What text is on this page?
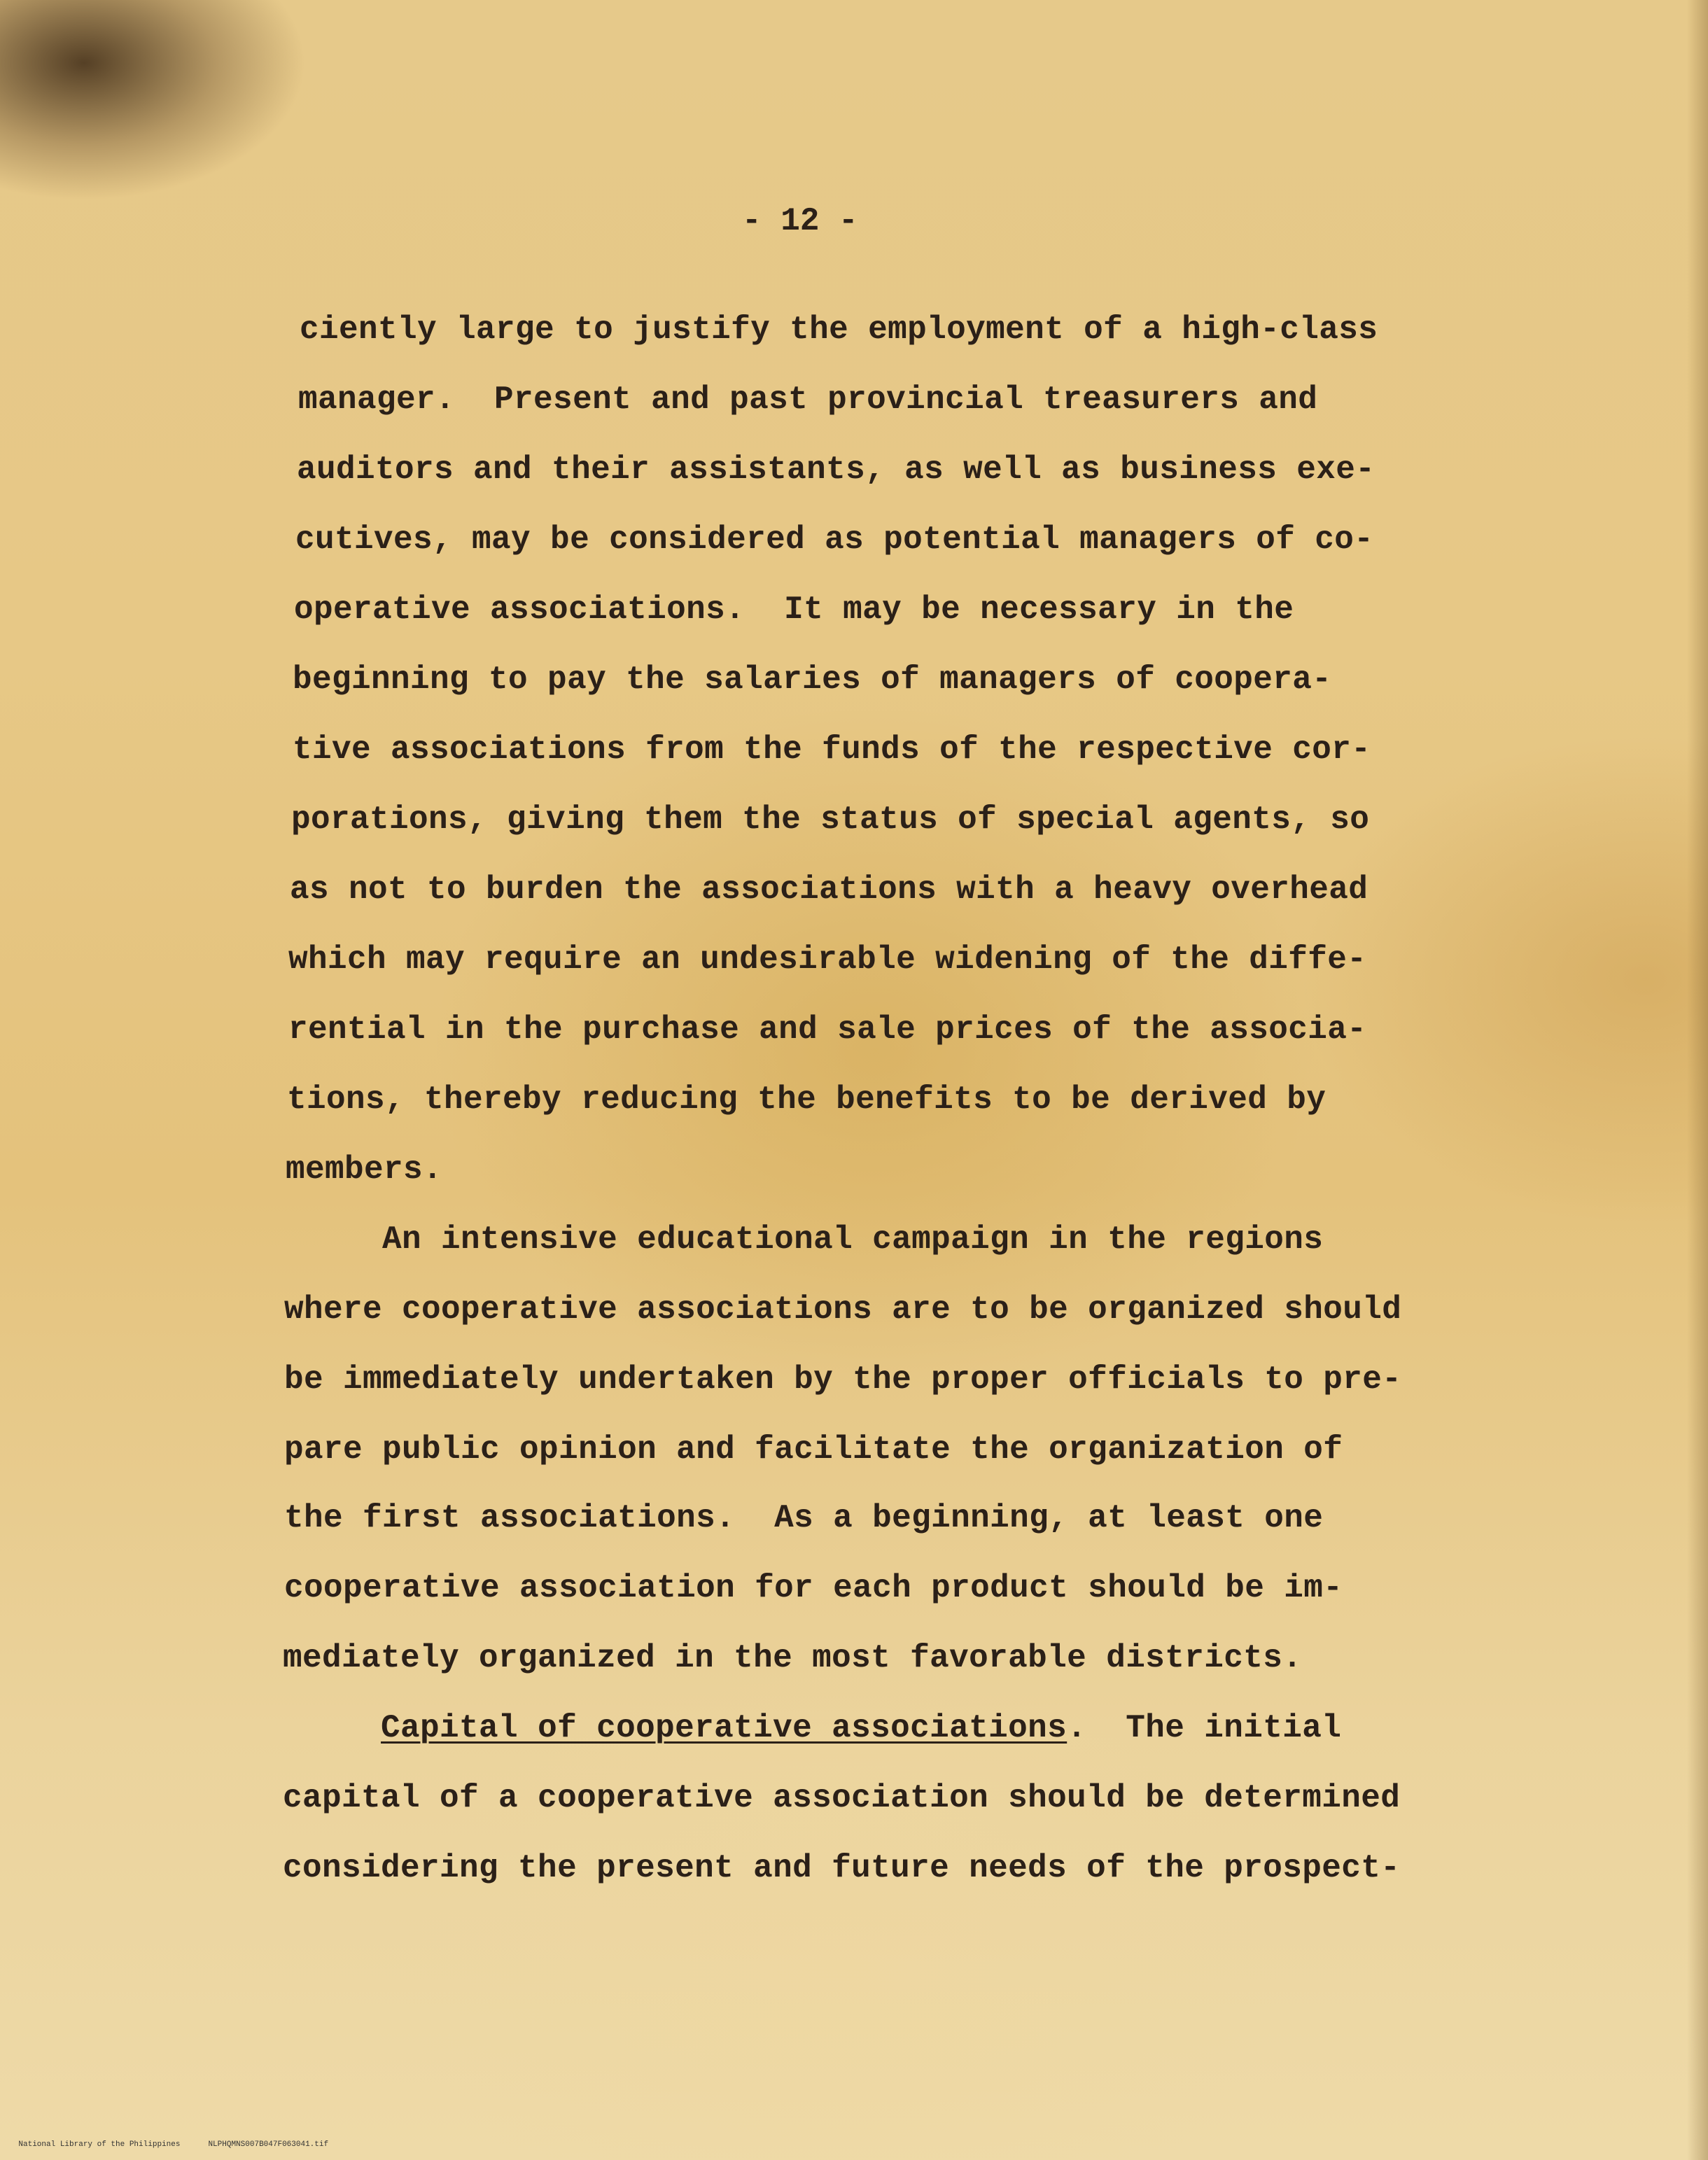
- 12 -

ciently large to justify the employment of a high-class

manager.  Present and past provincial treasurers and

auditors and their assistants, as well as business exe-

cutives, may be considered as potential managers of co-

operative associations.  It may be necessary in the

beginning to pay the salaries of managers of coopera-

tive associations from the funds of the respective cor-

porations, giving them the status of special agents, so

as not to burden the associations with a heavy overhead

which may require an undesirable widening of the diffe-

rential in the purchase and sale prices of the associa-

tions, thereby reducing the benefits to be derived by

members.

An intensive educational campaign in the regions

where cooperative associations are to be organized should

be immediately undertaken by the proper officials to pre-

pare public opinion and facilitate the organization of

the first associations.  As a beginning, at least one

cooperative association for each product should be im-

mediately organized in the most favorable districts.

Capital of cooperative associations.  The initial

capital of a cooperative association should be determined

considering the present and future needs of the prospect-

National Library of the Philippines	NLPHQMNS007B047F063041.tif
